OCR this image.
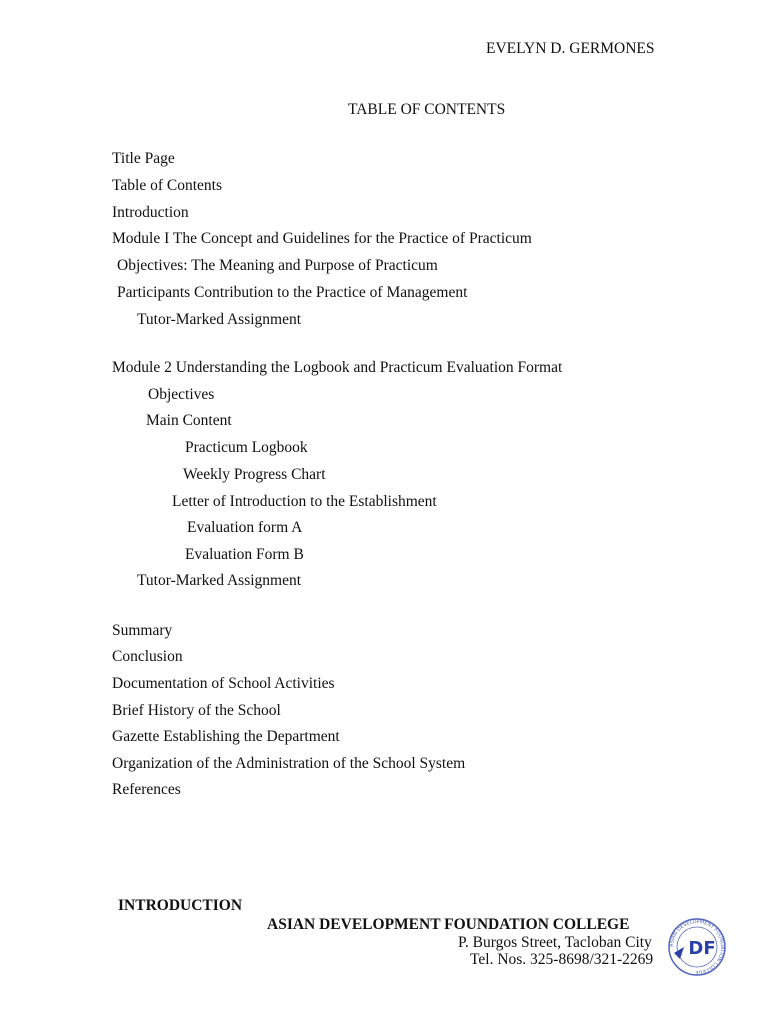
EVELYN D. GERMONES
TABLE OF CONTENTS
Title Page
Table of Contents
Introduction
Module I The Concept and Guidelines for the Practice of Practicum
Objectives: The Meaning and Purpose of Practicum
Participants Contribution to the Practice of Management
Tutor-Marked Assignment
Module 2 Understanding the Logbook and Practicum Evaluation Format
Objectives
Main Content
Practicum Logbook
Weekly Progress Chart
Letter of Introduction to the Establishment
Evaluation form A
Evaluation Form B
Tutor-Marked Assignment
Summary
Conclusion
Documentation of School Activities
Brief History of the School
Gazette Establishing the Department
Organization of the Administration of the School System
References
INTRODUCTION
ASIAN DEVELOPMENT FOUNDATION COLLEGE
P. Burgos Street, Tacloban City
Tel. Nos. 325-8698/321-2269
ASIAN DEVELOPMENT FOUNDATION COLLEGE
DF
